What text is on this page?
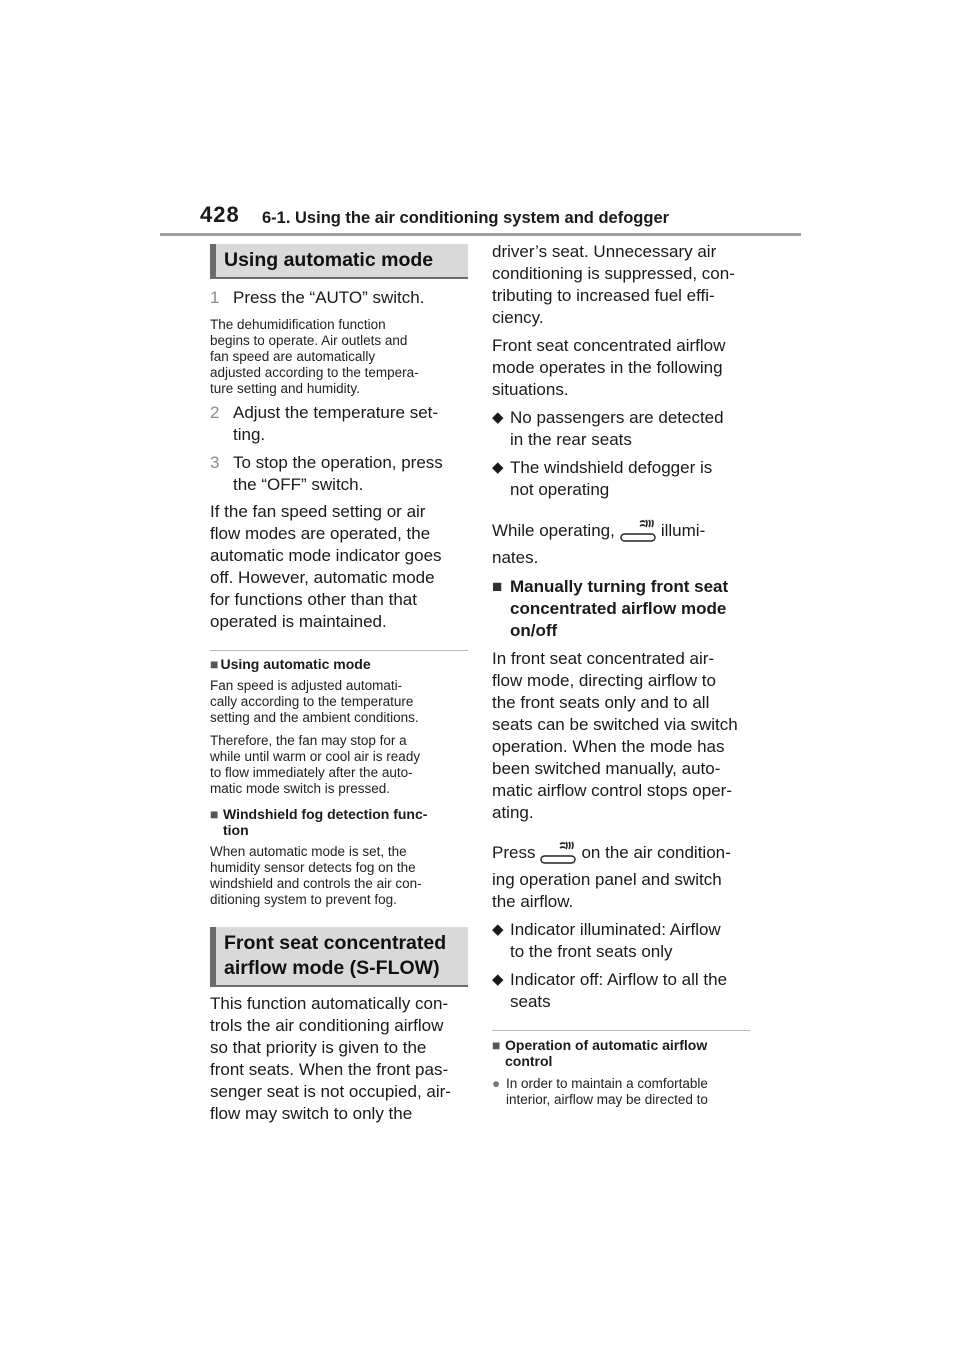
428 6-1. Using the air conditioning system and defogger
Using automatic mode
1 Press the “AUTO” switch.

The dehumidification function
begins to operate. Air outlets and
fan speed are automatically
adjusted according to the tempera-
ture setting and humidity.

2 Adjust the temperature set-
ting.
3 To stop the operation, press
the “OFF” switch.

If the fan speed setting or air
flow modes are operated, the
automatic mode indicator goes
off. However, automatic mode
for functions other than that
operated is maintained.

■ Using automatic mode

Fan speed is adjusted automati-
cally according to the temperature
setting and the ambient conditions.

Therefore, the fan may stop for a
while until warm or cool air is ready
to flow immediately after the auto-
matic mode switch is pressed.

■ Windshield fog detection func-
tion

When automatic mode is set, the
humidity sensor detects fog on the
windshield and controls the air con-
ditioning system to prevent fog.

Front seat concentrated
airflow mode (S-FLOW)

This function automatically con-
trols the air conditioning airflow
so that priority is given to the
front seats. When the front pas-
senger seat is not occupied, air-
flow may switch to only the

driver’s seat. Unnecessary air
conditioning is suppressed, con-
tributing to increased fuel effi-
ciency.

Front seat concentrated airflow
mode operates in the following
situations.

◆ No passengers are detected
in the rear seats
◆ The windshield defogger is
not operating
While operating,	illumi-

nates.

■ Manually turning front seat
concentrated airflow mode
on/off

In front seat concentrated air-
flow mode, directing airflow to
the front seats only and to all
seats can be switched via switch
operation. When the mode has
been switched manually, auto-
matic airflow control stops oper-
ating.

Press	on the air condition-

ing operation panel and switch
the airflow.

◆ Indicator illuminated: Airflow
to the front seats only
◆ Indicator off: Airflow to all the
seats
■ Operation of automatic airflow
control
● In order to maintain a comfortable
interior, airflow may be directed to
